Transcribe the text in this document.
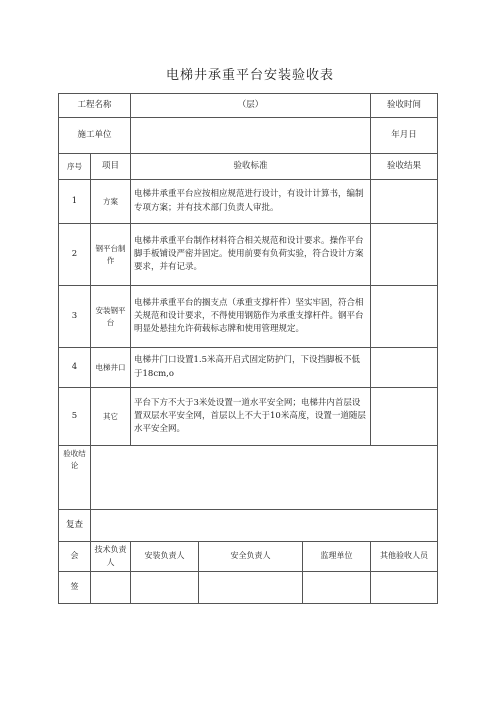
电梯井承重平台安装验收表
工程名称		（层）			验收时间
施工单位					年月日
序号	项目	验收标准			验收结果
1	方案	电梯井承重平台应按相应规范进行设计，有设计计算书，编制专项方案；并有技术部门负责人审批。			
2	钢平台制作	电梯井承重平台制作材料符合相关规范和设计要求。操作平台脚手板铺设严密并固定。使用前要有负荷实验，符合设计方案要求，并有记录。			
3	安装钢平台	电梯井承重平台的搁支点（承重支撑杆件）坚实牢固，符合相关规范和设计要求，不得使用钢筋作为承重支撑杆件。钢平台明显处悬挂允许荷载标志牌和使用管理规定。			
4	电梯井口	电梯井门口设置1.5米高开启式固定防护门，下设挡脚板不低于18cm,o			
5	其它	平台下方不大于3米处设置一道水平安全网；电梯井内首层设置双层水平安全网，首层以上不大于10米高度，设置一道随层水平安全网。			
验收结论					
复查					
会	技术负责人	安装负责人	安全负责人	监理单位	其他验收人员
签					
